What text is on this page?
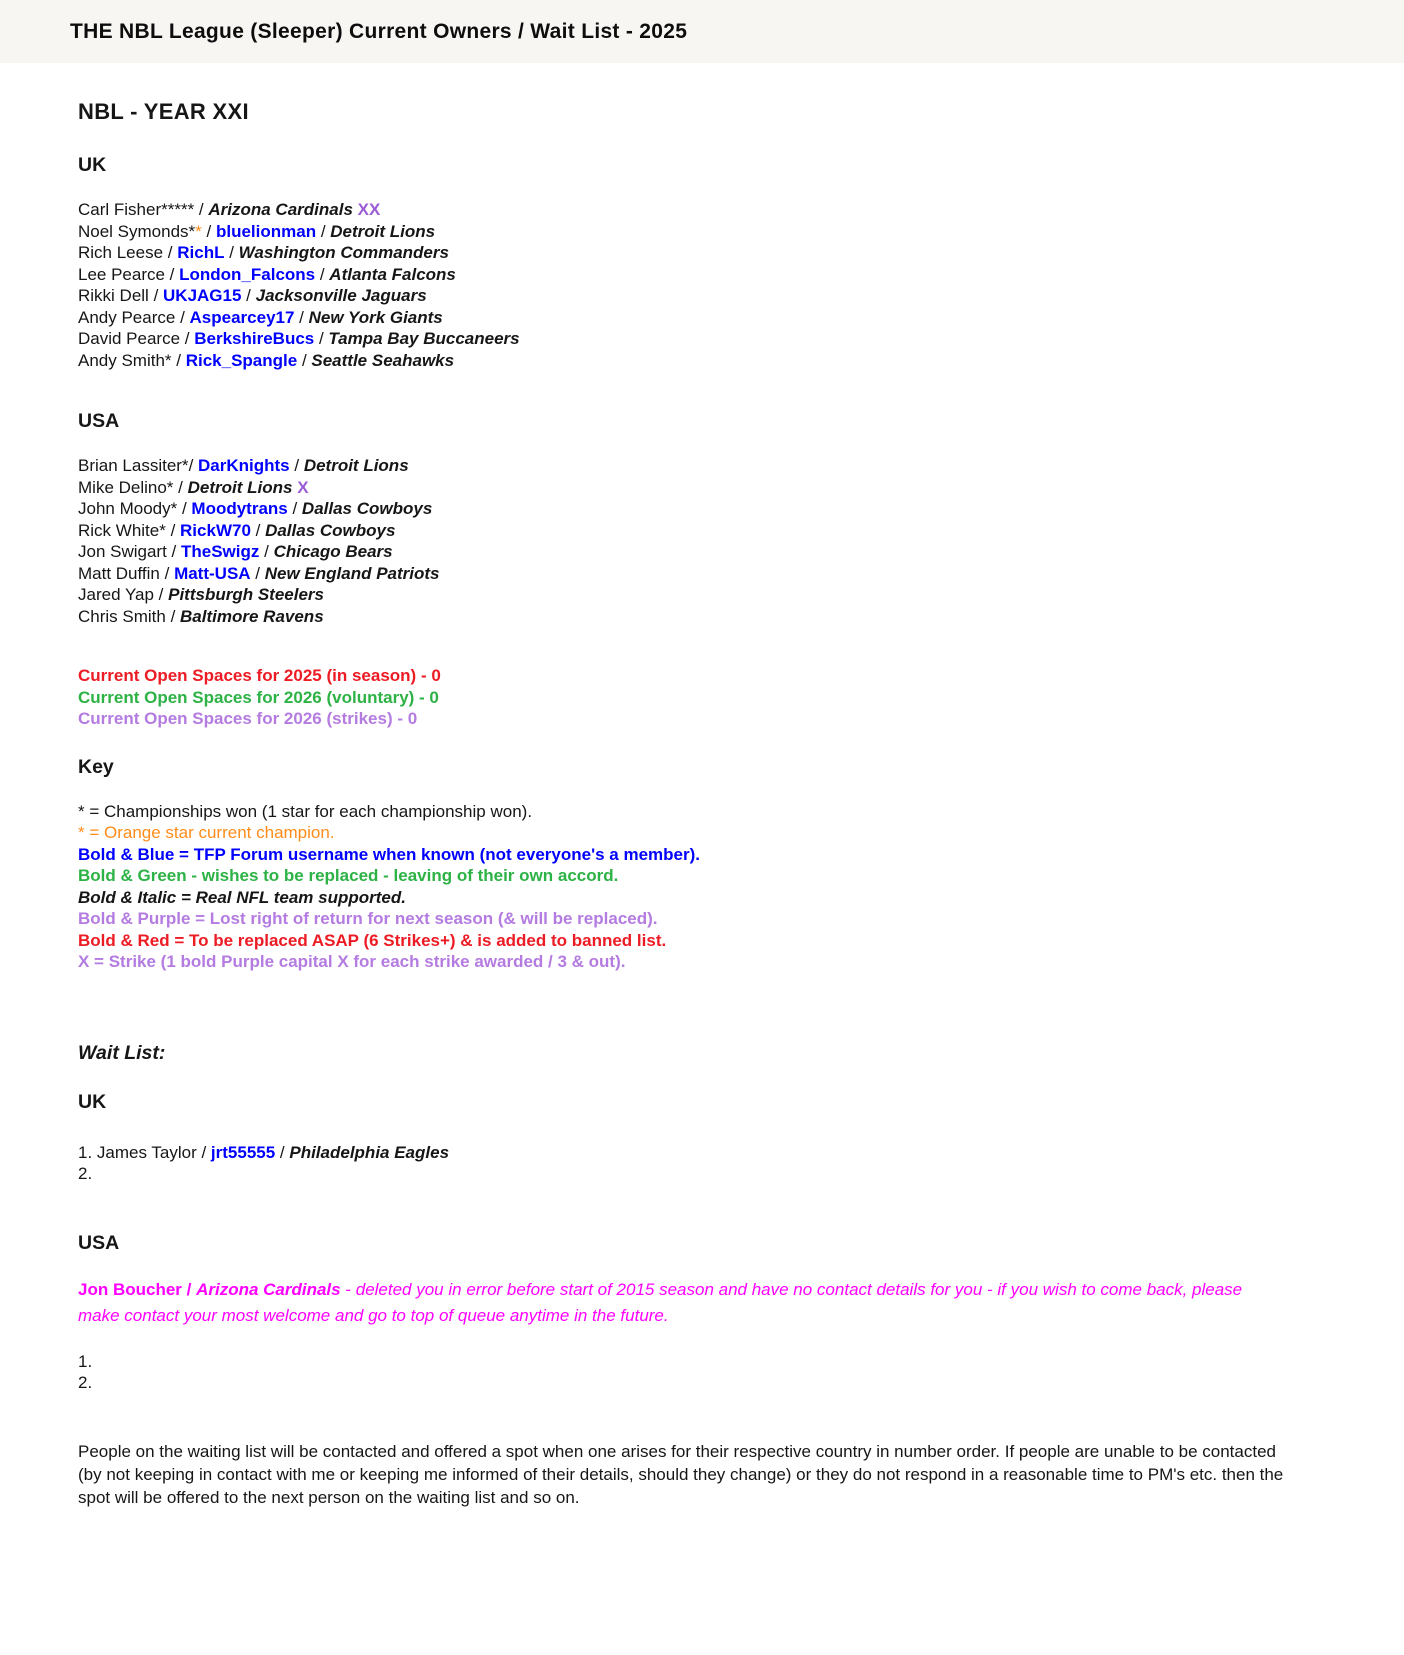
THE NBL League (Sleeper) Current Owners / Wait List - 2025
NBL - YEAR XXI
UK
Carl Fisher***** / Arizona Cardinals XX
Noel Symonds** / bluelionman / Detroit Lions
Rich Leese / RichL / Washington Commanders
Lee Pearce / London_Falcons / Atlanta Falcons
Rikki Dell / UKJAG15 / Jacksonville Jaguars
Andy Pearce / Aspearcey17 / New York Giants
David Pearce / BerkshireBucs / Tampa Bay Buccaneers
Andy Smith* / Rick_Spangle / Seattle Seahawks
USA
Brian Lassiter*/ DarKnights / Detroit Lions
Mike Delino* / Detroit Lions X
John Moody* / Moodytrans / Dallas Cowboys
Rick White* / RickW70 / Dallas Cowboys
Jon Swigart / TheSwigz / Chicago Bears
Matt Duffin / Matt-USA / New England Patriots
Jared Yap / Pittsburgh Steelers
Chris Smith / Baltimore Ravens
Current Open Spaces for 2025 (in season) - 0
Current Open Spaces for 2026 (voluntary) - 0
Current Open Spaces for 2026 (strikes) - 0
Key
* = Championships won (1 star for each championship won).
* = Orange star current champion.
Bold & Blue = TFP Forum username when known (not everyone's a member).
Bold & Green - wishes to be replaced - leaving of their own accord.
Bold & Italic = Real NFL team supported.
Bold & Purple = Lost right of return for next season (& will be replaced).
Bold & Red = To be replaced ASAP (6 Strikes+) & is added to banned list.
X = Strike (1 bold Purple capital X for each strike awarded / 3 & out).
Wait List:
UK
1. James Taylor / jrt55555 / Philadelphia Eagles
2.
USA

Jon Boucher / Arizona Cardinals - deleted you in error before start of 2015 season and have no contact details for you - if you wish to come back, please make contact your most welcome and go to top of queue anytime in the future.

1.
2.

People on the waiting list will be contacted and offered a spot when one arises for their respective country in number order. If people are unable to be contacted (by not keeping in contact with me or keeping me informed of their details, should they change) or they do not respond in a reasonable time to PM's etc. then the spot will be offered to the next person on the waiting list and so on.
